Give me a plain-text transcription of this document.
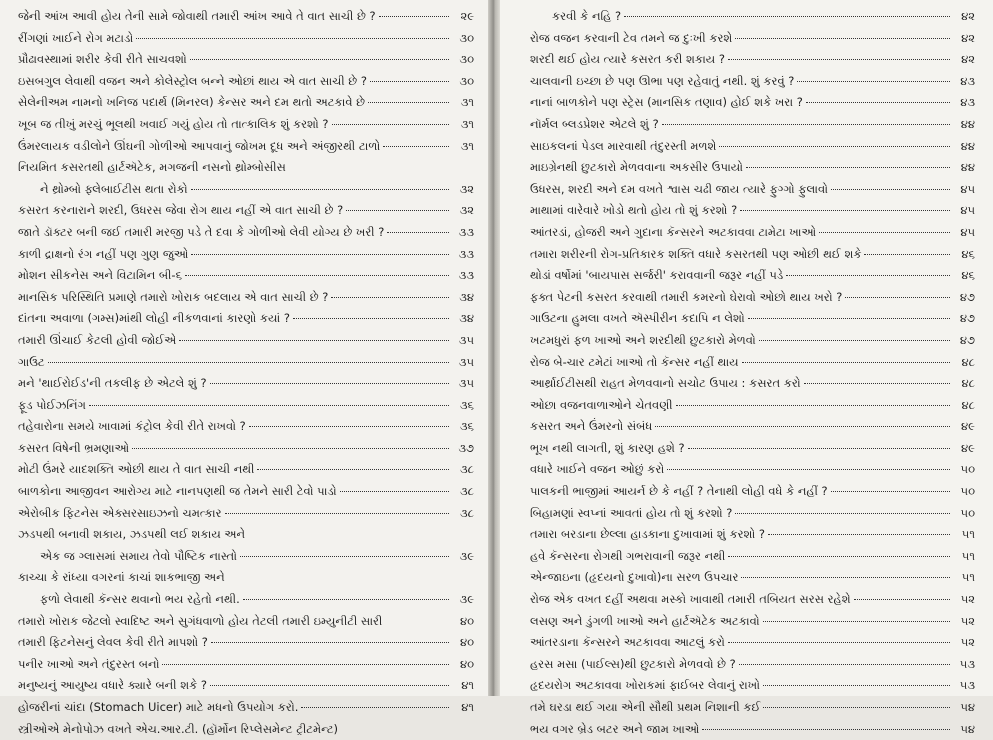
જેની આંખ આવી હોય તેની સામે જોવાથી તમારી આંખ આવે તે વાત સાચી છે ?	૨૯
રીંગણાં ખાઈને રોગ મટાડો	૩૦
પ્રૌઢાવસ્થામાં શરીર કેવી રીતે સાચવશો	૩૦
ઇસબગુલ લેવાથી વજન અને કોલેસ્ટ્રોલ બન્ને ઓછાં થાય એ વાત સાચી છે ?	૩૦
સેલેનીઅમ નામનો ખનિજ પદાર્થ (મિનરલ) કેન્સર અને દમ થતો અટકાવે છે	૩૧
ખૂબ જ તીખું મરચું ભૂલથી ખવાઈ ગયું હોય તો તાત્કાલિક શું કરશો ?	૩૧
ઉંમરલાયક વડીલોને ઊંઘની ગોળીઓ આપવાનું જોખમ દૂધ અને અંજીરથી ટાળો	૩૧
નિયમિત કસરતથી હાર્ટઍટેક, મગજની નસનો થ્રોમ્બોસીસ
ને થ્રોમ્બો ફ્લેબાઈટીસ થતા રોકો	૩૨
કસરત કરનારાને શરદી, ઉધરસ જેવા રોગ થાય નહીં એ વાત સાચી છે ?	૩૨
જાતે ડૉક્ટર બની જઈ તમારી મરજી પડે તે દવા કે ગોળીઓ લેવી યોગ્ય છે ખરી ?	૩૩
કાળી દ્રાક્ષનો રંગ નહીં પણ ગુણ જુઓ	૩૩
મોશન સીકનેસ અને વિટામિન બી-૬	૩૩
માનસિક પરિસ્થિતિ પ્રમાણે તમારો ખોરાક બદલાય એ વાત સાચી છે ?	૩૪
દાંતના અવાળા (ગમ્સ)માંથી લોહી નીકળવાનાં કારણો કયાં ?	૩૪
તમારી ઊંચાઈ કેટલી હોવી જોઈએ	૩૫
ગાઉટ	૩૫
મને 'થાઈરોઈડ'ની તકલીફ છે એટલે શું ?	૩૫
ફૂડ પોઈઝનિંગ	૩૬
તહેવારોના સમયે ખાવામાં કંટ્રોલ કેવી રીતે રાખવો ?	૩૬
કસરત વિષેની ભ્રમણાઓ	૩૭
મોટી ઉંમરે યાદશક્તિ ઓછી થાય તે વાત સાચી નથી	૩૮
બાળકોના આજીવન આરોગ્ય માટે નાનપણથી જ તેમને સારી ટેવો પાડો	૩૮
એરોબીક ફિટનેસ એક્સરસાઇઝનો ચમત્કાર	૩૮
ઝડપથી બનાવી શકાય, ઝડપથી લઈ શકાય અને
એક જ ગ્લાસમાં સમાય તેવો પૌષ્ટિક નાસ્તો	૩૯
કાચ્ચા કે રાંધ્યા વગરનાં કાચાં શાકભાજી અને
ફળો લેવાથી કૅન્સર થવાનો ભય રહેતો નથી.	૩૯
તમારો ખોરાક જેટલો સ્વાદિષ્ટ અને સુગંધવાળો હોય તેટલી તમારી ઇમ્યુનીટી સારી	૪૦
તમારી ફિટનેસનું લેવલ કેવી રીતે માપશો ?	૪૦
પનીર ખાઓ અને તંદુરસ્ત બનો	૪૦
મનુષ્યનું આયુષ્ય વધારે ક્યારે બની શકે ?	૪૧
હોજરીનાં ચાંદા (Stomach Uicer) માટે મધનો ઉપયોગ કરો.	૪૧
સ્ત્રીઓએ મેનોપોઝ વખતે એચ.આર.ટી. (હૉર્મોન રિપ્લેસમેન્ટ ટ્રીટમેન્ટ)
કરવી કે નહિ ?	૪૨
રોજ વજન કરવાની ટેવ તમને જ દુઃખી કરશે	૪૨
શરદી થઈ હોય ત્યારે કસરત કરી શકાય ?	૪૨
ચાલવાની ઇચ્છા છે પણ ઊભા પણ રહેવાતું નથી. શું કરવું ?	૪૩
નાનાં બાળકોને પણ સ્ટ્રેસ (માનસિક તણાવ) હોઈ શકે ખરા ?	૪૩
નૉર્મલ બ્લડપ્રેશર એટલે શું ?	૪૪
સાઇકલનાં પેડલ મારવાથી તંદુરસ્તી મળશે	૪૪
માઇગ્રેનથી છુટકારો મેળવવાના અકસીર ઉપાયો	૪૪
ઉધરસ, શરદી અને દમ વખતે શ્વાસ ચઢી જાય ત્યારે ફુગ્ગો ફુલાવો	૪૫
માથામાં વારેવારે ખોડો થતો હોય તો શું કરશો ?	૪૫
આંતરડાં, હોજરી અને ગુદાના કૅન્સરને અટકાવવા ટામેટા ખાઓ	૪૫
તમારા શરીરની રોગ-પ્રતિકારક શક્તિ વધારે કસરતથી પણ ઓછી થઈ શકે	૪૬
થોડાં વર્ષોમાં 'બાયપાસ સર્જરી' કરાવવાની જરૂર નહીં પડે	૪૬
ફક્ત પેટની કસરત કરવાથી તમારી કમરનો ઘેરાવો ઓછો થાય ખરો ?	૪૭
ગાઉટના હુમલા વખતે ઍસ્પીરીન કદાપિ ન લેશો	૪૭
ખટમધુરાં ફળ ખાઓ અને શરદીથી છુટકારો મેળવો	૪૭
રોજ બે-ચાર ટમેટાં ખાઓ તો કૅન્સર નહીં થાય	૪૮
આર્થ્રાઈટીસથી રાહત મેળવવાનો સચોટ ઉપાય : કસરત કરો	૪૮
ઓછા વજનવાળાઓને ચેતવણી	૪૮
કસરત અને ઉંમરનો સંબંધ	૪૯
ભૂખ નથી લાગતી, શું કારણ હશે ?	૪૯
વધારે ખાઈને વજન ઓછું કરો	૫૦
પાલકની ભાજીમાં આયર્ન છે કે નહીં ? તેનાથી લોહી વધે કે નહીં ?	૫૦
બિહામણાં સ્વપ્નાં આવતાં હોય તો શું કરશો ?	૫૦
તમારા બરડાના છેલ્લા હાડકાના દુખાવામાં શું કરશો ?	૫૧
હવે કૅન્સરના રોગથી ગભરાવાની જરૂર નથી	૫૧
એન્જાઇના (હૃદયનો દુખાવો)ના સરળ ઉપચાર	૫૧
રોજ એક વખત દહીં અથવા મસ્કો ખાવાથી તમારી તબિયત સરસ રહેશે	૫૨
લસણ અને ડુંગળી ખાઓ અને હાર્ટઍટેક અટકાવો	૫૨
આંતરડાના કૅન્સરને અટકાવવા આટલું કરો	૫૨
હરસ મસા (પાઈલ્સ)થી છુટકારો મેળવવો છે ?	૫૩
હૃદયરોગ અટકાવવા ખોરાકમાં ફાઈબર લેવાનું રાખો	૫૩
તમે ઘરડા થઈ ગયા એની સૌથી પ્રથમ નિશાની કઈ	૫૪
ભય વગર બ્રેડ બટર અને જામ ખાઓ	૫૪
